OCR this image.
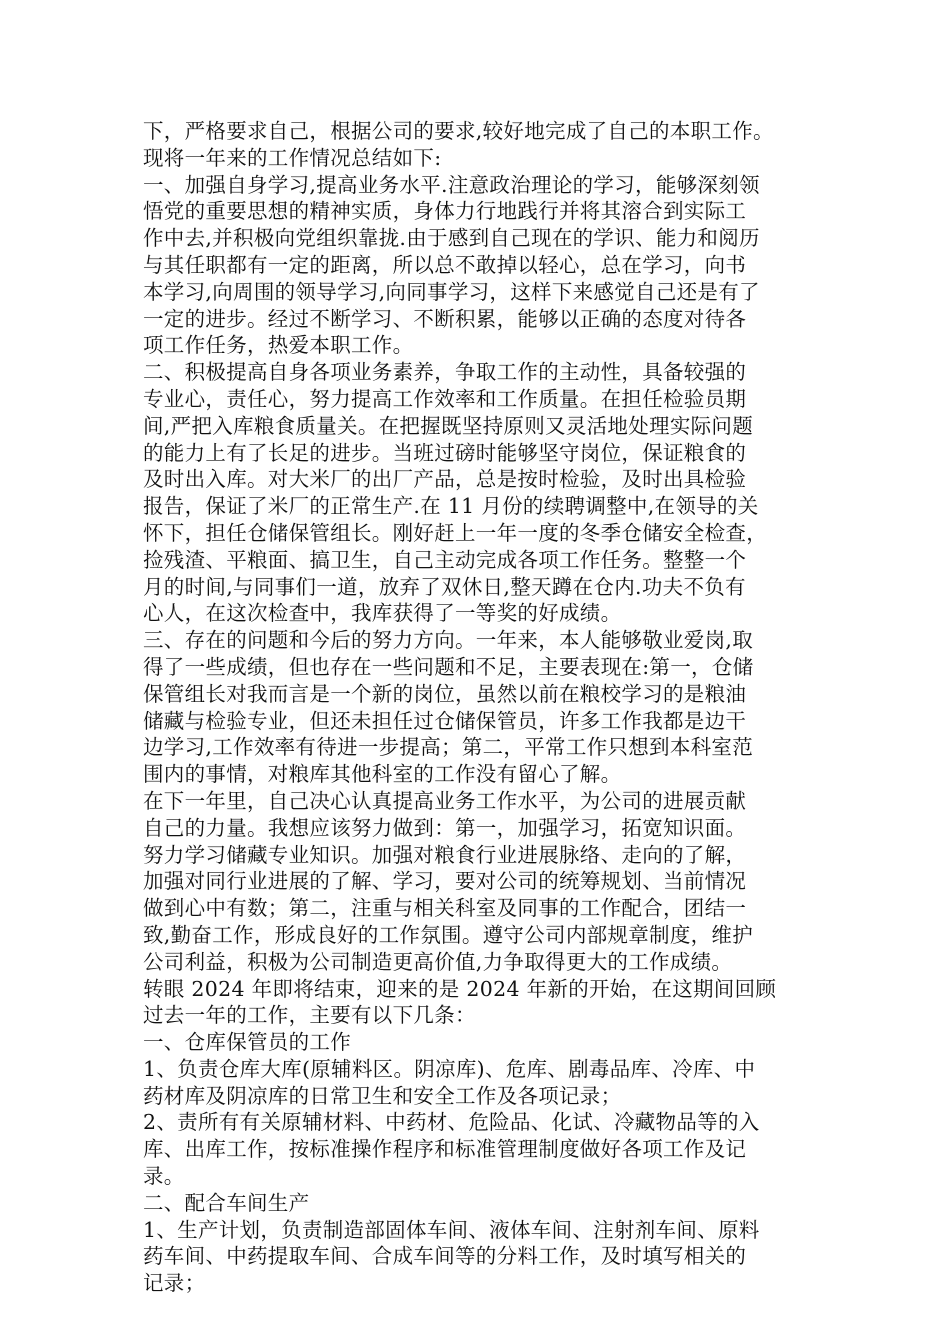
下，严格要求自己，根据公司的要求,较好地完成了自己的本职工作。
现将一年来的工作情况总结如下:
一、加强自身学习,提高业务水平.注意政治理论的学习，能够深刻领
悟党的重要思想的精神实质，身体力行地践行并将其溶合到实际工
作中去,并积极向党组织靠拢.由于感到自己现在的学识、能力和阅历
与其任职都有一定的距离，所以总不敢掉以轻心，总在学习，向书
本学习,向周围的领导学习,向同事学习，这样下来感觉自己还是有了
一定的进步。经过不断学习、不断积累，能够以正确的态度对待各
项工作任务，热爱本职工作。
二、积极提高自身各项业务素养，争取工作的主动性，具备较强的
专业心，责任心，努力提高工作效率和工作质量。在担任检验员期
间,严把入库粮食质量关。在把握既坚持原则又灵活地处理实际问题
的能力上有了长足的进步。当班过磅时能够坚守岗位，保证粮食的
及时出入库。对大米厂的出厂产品，总是按时检验，及时出具检验
报告，保证了米厂的正常生产.在 11 月份的续聘调整中,在领导的关
怀下，担任仓储保管组长。刚好赶上一年一度的冬季仓储安全检查，
捡残渣、平粮面、搞卫生，自己主动完成各项工作任务。整整一个
月的时间,与同事们一道，放弃了双休日,整天蹲在仓内.功夫不负有
心人，在这次检查中，我库获得了一等奖的好成绩。
三、存在的问题和今后的努力方向。一年来，本人能够敬业爱岗,取
得了一些成绩，但也存在一些问题和不足，主要表现在:第一，仓储
保管组长对我而言是一个新的岗位，虽然以前在粮校学习的是粮油
储藏与检验专业，但还未担任过仓储保管员，许多工作我都是边干
边学习,工作效率有待进一步提高；第二，平常工作只想到本科室范
围内的事情，对粮库其他科室的工作没有留心了解。
在下一年里，自己决心认真提高业务工作水平，为公司的进展贡献
自己的力量。我想应该努力做到：第一，加强学习，拓宽知识面。
努力学习储藏专业知识。加强对粮食行业进展脉络、走向的了解，
加强对同行业进展的了解、学习，要对公司的统筹规划、当前情况
做到心中有数；第二，注重与相关科室及同事的工作配合，团结一
致,勤奋工作，形成良好的工作氛围。遵守公司内部规章制度，维护
公司利益，积极为公司制造更高价值,力争取得更大的工作成绩。
转眼 2024 年即将结束，迎来的是 2024 年新的开始，在这期间回顾
过去一年的工作，主要有以下几条：
一、仓库保管员的工作
1、负责仓库大库(原辅料区。阴凉库)、危库、剧毒品库、冷库、中
药材库及阴凉库的日常卫生和安全工作及各项记录；
2、责所有有关原辅材料、中药材、危险品、化试、冷藏物品等的入
库、出库工作，按标准操作程序和标准管理制度做好各项工作及记
录。
二、配合车间生产
1、生产计划，负责制造部固体车间、液体车间、注射剂车间、原料
药车间、中药提取车间、合成车间等的分料工作，及时填写相关的
记录；
